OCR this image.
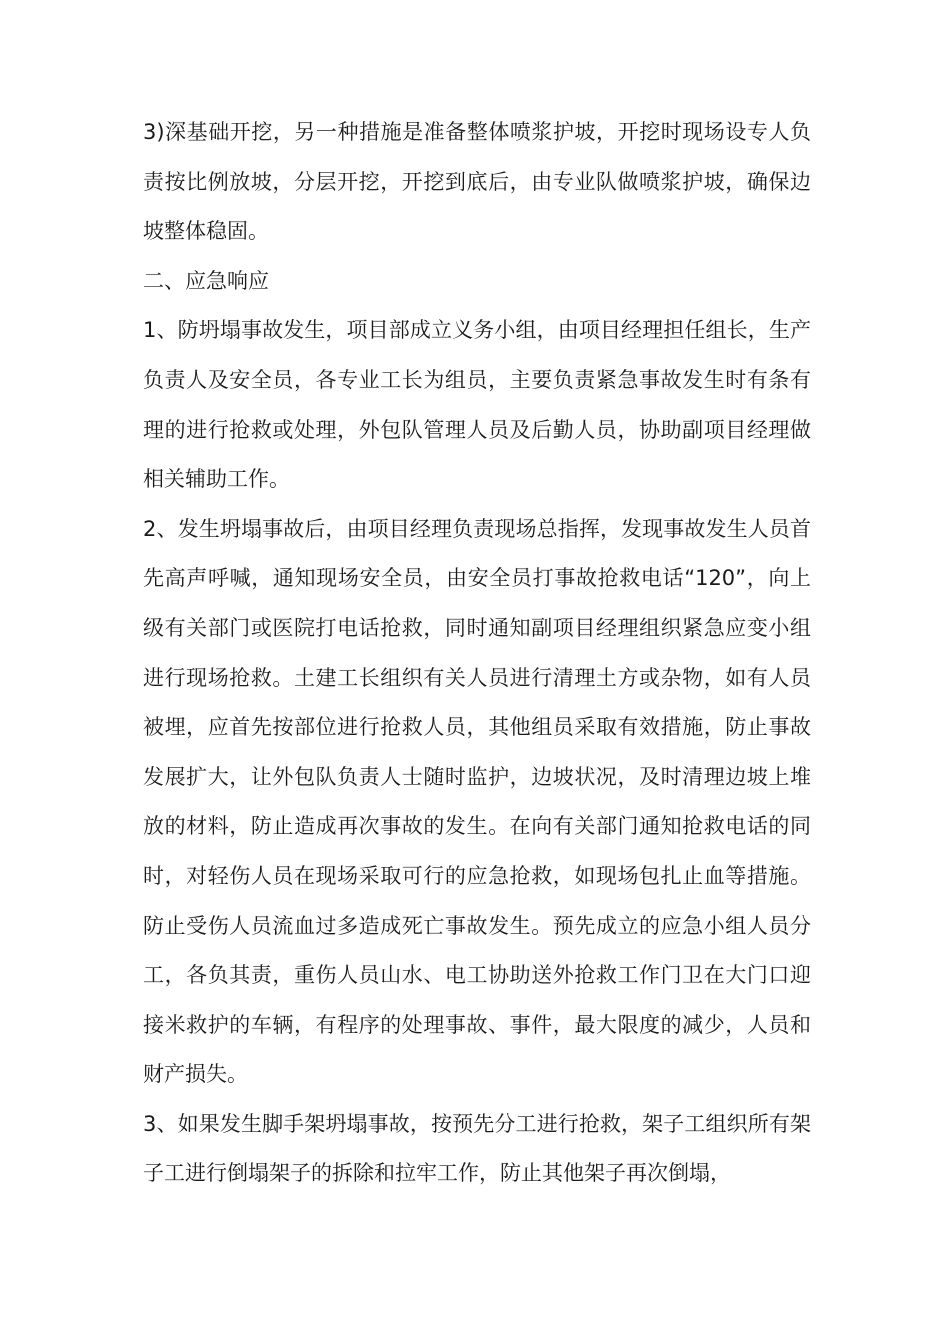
3)深基础开挖，另一种措施是准备整体喷浆护坡，开挖时现场设专人负责按比例放坡，分层开挖，开挖到底后，由专业队做喷浆护坡，确保边坡整体稳固。

二、应急响应

1、防坍塌事故发生，项目部成立义务小组，由项目经理担任组长，生产负责人及安全员，各专业工长为组员，主要负责紧急事故发生时有条有理的进行抢救或处理，外包队管理人员及后勤人员，协助副项目经理做相关辅助工作。

2、发生坍塌事故后，由项目经理负责现场总指挥，发现事故发生人员首先高声呼喊，通知现场安全员，由安全员打事故抢救电话“120”，向上级有关部门或医院打电话抢救，同时通知副项目经理组织紧急应变小组进行现场抢救。土建工长组织有关人员进行清理土方或杂物，如有人员被埋，应首先按部位进行抢救人员，其他组员采取有效措施，防止事故发展扩大，让外包队负责人士随时监护，边坡状况，及时清理边坡上堆放的材料，防止造成再次事故的发生。在向有关部门通知抢救电话的同时，对轻伤人员在现场采取可行的应急抢救，如现场包扎止血等措施。防止受伤人员流血过多造成死亡事故发生。预先成立的应急小组人员分工，各负其责，重伤人员山水、电工协助送外抢救工作门卫在大门口迎接米救护的车辆，有程序的处理事故、事件，最大限度的减少，人员和财产损失。

3、如果发生脚手架坍塌事故，按预先分工进行抢救，架子工组织所有架子工进行倒塌架子的拆除和拉牢工作，防止其他架子再次倒塌，
